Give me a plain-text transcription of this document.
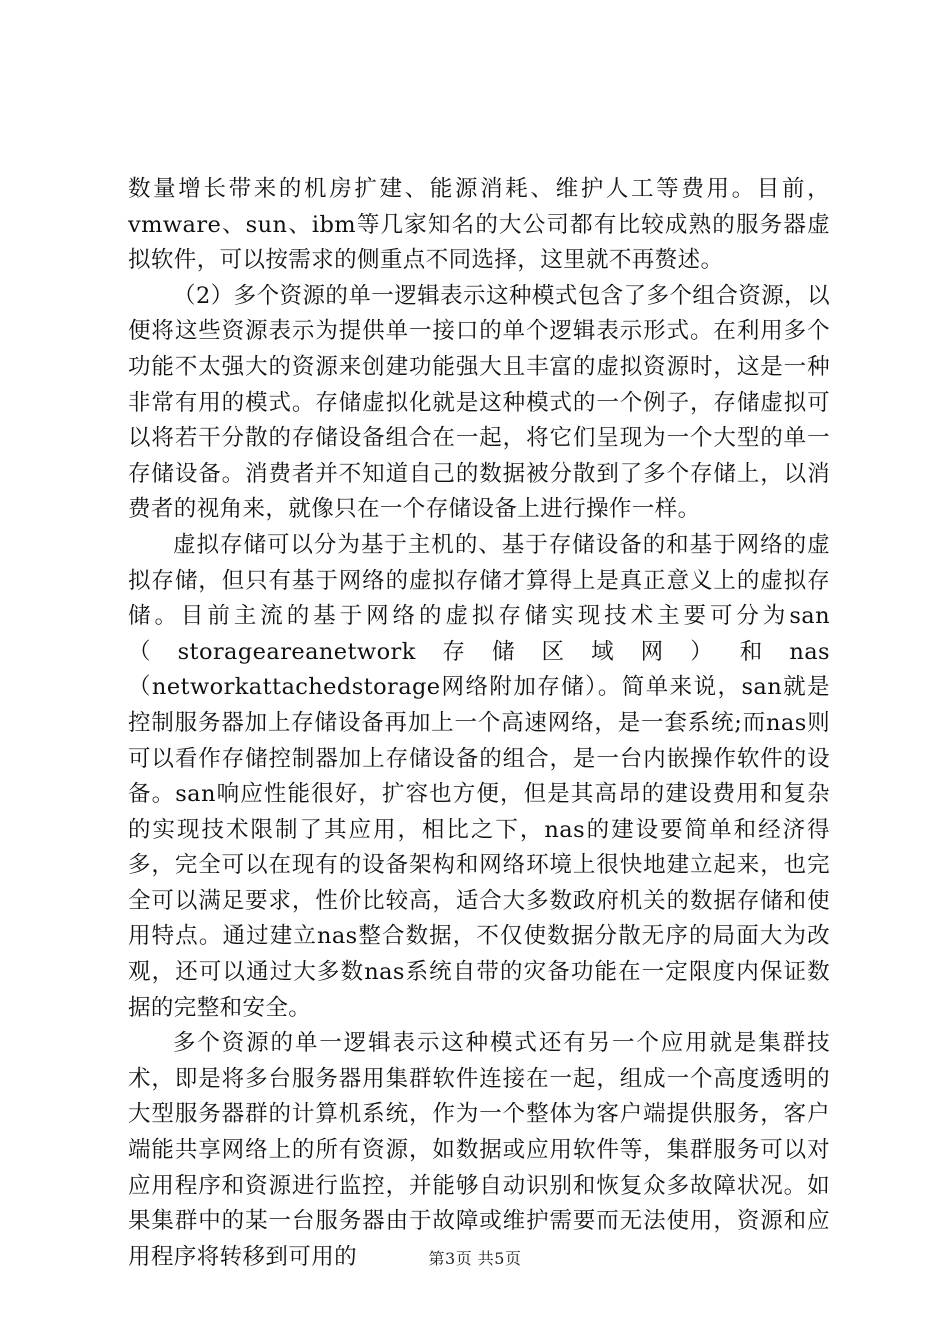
数量增长带来的机房扩建、能源消耗、维护人工等费用。目前，vmware、sun、ibm等几家知名的大公司都有比较成熟的服务器虚拟软件，可以按需求的侧重点不同选择，这里就不再赘述。

（2）多个资源的单一逻辑表示这种模式包含了多个组合资源，以便将这些资源表示为提供单一接口的单个逻辑表示形式。在利用多个功能不太强大的资源来创建功能强大且丰富的虚拟资源时，这是一种非常有用的模式。存储虚拟化就是这种模式的一个例子，存储虚拟可以将若干分散的存储设备组合在一起，将它们呈现为一个大型的单一存储设备。消费者并不知道自己的数据被分散到了多个存储上，以消费者的视角来，就像只在一个存储设备上进行操作一样。

虚拟存储可以分为基于主机的、基于存储设备的和基于网络的虚拟存储，但只有基于网络的虚拟存储才算得上是真正意义上的虚拟存储。目前主流的基于网络的虚拟存储实现技术主要可分为san（storageareanetwork存储区域网）和nas（networkattachedstorage网络附加存储）。简单来说，san就是控制服务器加上存储设备再加上一个高速网络，是一套系统;而nas则可以看作存储控制器加上存储设备的组合，是一台内嵌操作软件的设备。san响应性能很好，扩容也方便，但是其高昂的建设费用和复杂的实现技术限制了其应用，相比之下，nas的建设要简单和经济得多，完全可以在现有的设备架构和网络环境上很快地建立起来，也完全可以满足要求，性价比较高，适合大多数政府机关的数据存储和使用特点。通过建立nas整合数据，不仅使数据分散无序的局面大为改观，还可以通过大多数nas系统自带的灾备功能在一定限度内保证数据的完整和安全。

多个资源的单一逻辑表示这种模式还有另一个应用就是集群技术，即是将多台服务器用集群软件连接在一起，组成一个高度透明的大型服务器群的计算机系统，作为一个整体为客户端提供服务，客户端能共享网络上的所有资源，如数据或应用软件等，集群服务可以对应用程序和资源进行监控，并能够自动识别和恢复众多故障状况。如果集群中的某一台服务器由于故障或维护需要而无法使用，资源和应用程序将转移到可用的	第3页 共5页
